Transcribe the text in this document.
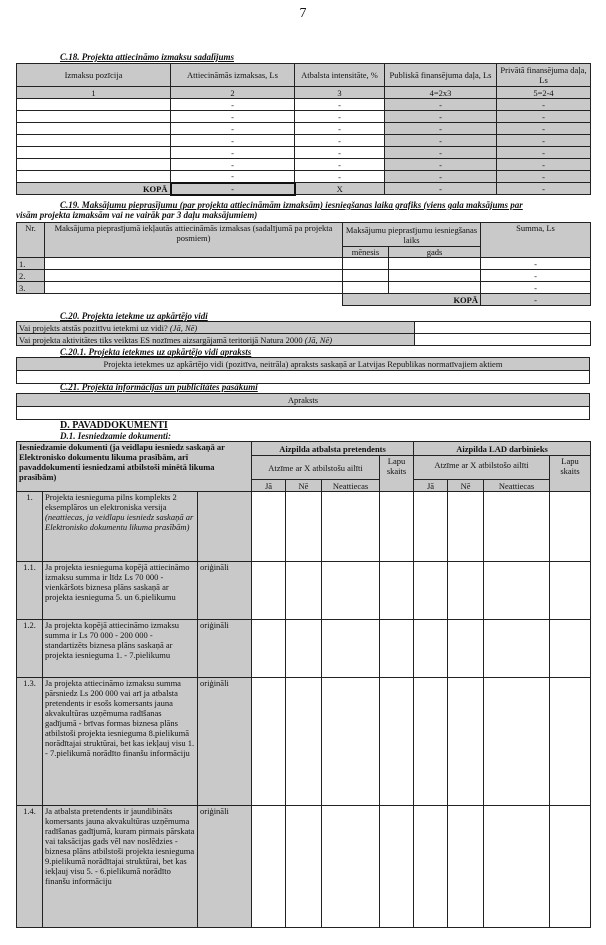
7
C.18. Projekta attiecināmo izmaksu sadalījums
Izmaksu pozīcija	Attiecināmās izmaksas, Ls	Atbalsta intensitāte, %	Publiskā finansējuma daļa, Ls	Privātā finansējuma daļa, Ls
1	2	3	4=2x3	5=2-4
	-	-	-	-
	-	-	-	-
	-	-	-	-
	-	-	-	-
	-	-	-	-
	-	-	-	-
	-	-	-	-
KOPĀ	-	X	-	-
C.19. Maksājumu pieprasījumu (par projekta attiecināmām izmaksām) iesniegšanas laika grafiks (viens gala maksājums par
visām projekta izmaksām vai ne vairāk par 3 daļu maksājumiem)
Nr.	Maksājuma pieprasījumā iekļautās attiecināmās izmaksas (sadalījumā pa projekta posmiem)	Maksājumu pieprasījumu iesniegšanas laiks		Summa, Ls
		mēnesis	gads	
1.				-
2.				-
3.				-
		KOPĀ		-
C.20. Projekta ietekme uz apkārtējo vidi
Vai projekts atstās pozitīvu ietekmi uz vidi? (Jā, Nē)	
Vai projekta aktivitātes tiks veiktas ES nozīmes aizsargājamā teritorijā Natura 2000 (Jā, Nē)	
C.20.1. Projekta ietekmes uz apkārtējo vidi apraksts
Projekta ietekmes uz apkārtējo vidi (pozitīva, neitrāla) apraksts saskaņā ar Latvijas Republikas normatīvajiem aktiem

C.21. Projekta informācijas un publicitātes pasākumi
Apraksts

D. PAVADDOKUMENTI
D.1. Iesniedzamie dokumenti:
Iesniedzamie dokumenti (ja veidlapu iesniedz saskaņā ar Elektronisko dokumentu likuma prasībām, arī pavaddokumenti iesniedzami atbilstoši minētā likuma prasībām)			Aizpilda atbalsta pretendents				Aizpilda LAD darbinieks			
			Atzīme ar X atbilstošu ailīti			Lapu skaits	Atzīme ar X atbilstošo ailīti			Lapu skaits
			Jā	Nē	Neattiecas		Jā	Nē	Neattiecas	
1.	Projekta iesnieguma pilns komplekts 2 eksemplāros un elektroniska versija (neattiecas, ja veidlapu iesniedz saskaņā ar Elektronisko dokumentu likuma prasībām)									
1.1.	Ja projekta iesnieguma kopējā attiecināmo izmaksu summa ir līdz Ls 70 000 - vienkāršots biznesa plāns saskaņā ar projekta iesnieguma 5. un 6.pielikumu	oriģināli								
1.2.	Ja projekta kopējā attiecināmo izmaksu summa ir Ls 70 000 - 200 000 - standartizēts biznesa plāns saskaņā ar projekta iesnieguma 1. - 7.pielikumu	oriģināli								
1.3.	Ja projekta attiecināmo izmaksu summa pārsniedz Ls 200 000 vai arī ja atbalsta pretendents ir esošs komersants jauna akvakultūras uzņēmuma radīšanas gadījumā - brīvas formas biznesa plāns atbilstoši projekta iesnieguma 8.pielikumā norādītajai struktūrai, bet kas iekļauj visu 1. - 7.pielikumā norādīto finanšu informāciju	oriģināli								
1.4.	Ja atbalsta pretendents ir jaundibināts komersants jauna akvakultūras uzņēmuma radīšanas gadījumā, kuram pirmais pārskata vai taksācijas gads vēl nav noslēdzies - biznesa plāns atbilstoši projekta iesnieguma 9.pielikumā norādītajai struktūrai, bet kas iekļauj visu 5. - 6.pielikumā norādīto finanšu informāciju	oriģināli								
